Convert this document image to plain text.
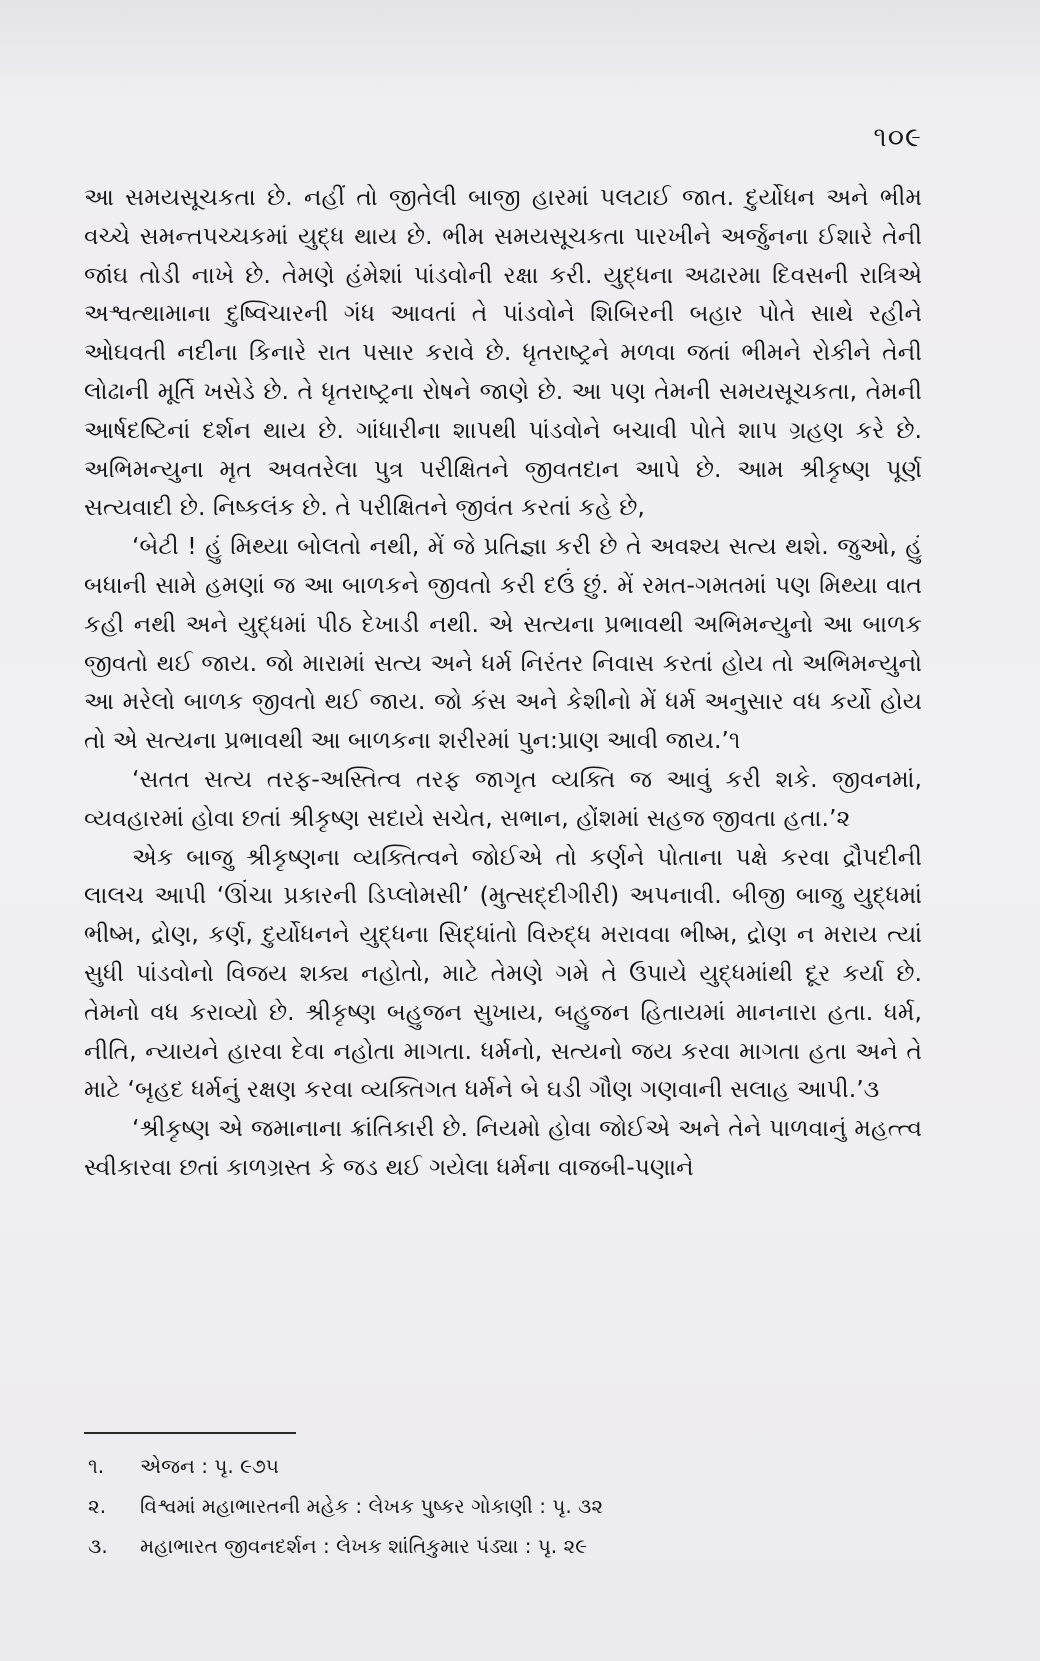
૧૦૯

આ સમયસૂચકતા છે. નહીં તો જીતેલી બાજી હારમાં પલટાઈ જાત. દુર્યોધન અને ભીમ વચ્ચે સમન્તપચ્ચકમાં યુદ્ધ થાય છે. ભીમ સમયસૂચકતા પારખીને અર્જુનના ઈશારે તેની જાંઘ તોડી નાખે છે. તેમણે હંમેશાં પાંડવોની રક્ષા કરી. યુદ્ધના અઢારમા દિવસની રાત્રિએ અશ્વત્થામાના દુષ્વિચારની ગંધ આવતાં તે પાંડવોને શિબિરની બહાર પોતે સાથે રહીને ઓઘવતી નદીના કિનારે રાત પસાર કરાવે છે. ધૃતરાષ્ટ્રને મળવા જતાં ભીમને રોકીને તેની લોઢાની મૂર્તિ ખસેડે છે. તે ધૃતરાષ્ટ્રના રોષને જાણે છે. આ પણ તેમની સમયસૂચકતા, તેમની આર્ષદષ્ટિનાં દર્શન થાય છે. ગાંધારીના શાપથી પાંડવોને બચાવી પોતે શાપ ગ્રહણ કરે છે. અભિમન્યુના મૃત અવતરેલા પુત્ર પરીક્ષિતને જીવતદાન આપે છે. આમ શ્રીકૃષ્ણ પૂર્ણ સત્યવાદી છે. નિષ્કલંક છે. તે પરીક્ષિતને જીવંત કરતાં કહે છે,

‘બેટી ! હું મિથ્યા બોલતો નથી, મેં જે પ્રતિજ્ઞા કરી છે તે અવશ્ય સત્ય થશે. જુઓ, હું બધાની સામે હમણાં જ આ બાળકને જીવતો કરી દઉં છું. મેં રમત-ગમતમાં પણ મિથ્યા વાત કહી નથી અને યુદ્ધમાં પીઠ દેખાડી નથી. એ સત્યના પ્રભાવથી અભિમન્યુનો આ બાળક જીવતો થઈ જાય. જો મારામાં સત્ય અને ધર્મ નિરંતર નિવાસ કરતાં હોય તો અભિમન્યુનો આ મરેલો બાળક જીવતો થઈ જાય. જો કંસ અને કેશીનો મેં ધર્મ અનુસાર વધ કર્યો હોય તો એ સત્યના પ્રભાવથી આ બાળકના શરીરમાં પુન:પ્રાણ આવી જાય.’૧

‘સતત સત્ય તરફ-અસ્તિત્વ તરફ જાગૃત વ્યક્તિ જ આવું કરી શકે. જીવનમાં, વ્યવહારમાં હોવા છતાં શ્રીકૃષ્ણ સદાયે સચેત, સભાન, હોંશમાં સહજ જીવતા હતા.’૨

એક બાજુ શ્રીકૃષ્ણના વ્યક્તિત્વને જોઈએ તો કર્ણને પોતાના પક્ષે કરવા દ્રૌપદીની લાલચ આપી ‘ઊંચા પ્રકારની ડિપ્લોમસી’ (મુત્સદ્દીગીરી) અપનાવી. બીજી બાજુ યુદ્ધમાં ભીષ્મ, દ્રોણ, કર્ણ, દુર્યોધનને યુદ્ધના સિદ્ધાંતો વિરુદ્ધ મરાવવા ભીષ્મ, દ્રોણ ન મરાય ત્યાં સુધી પાંડવોનો વિજય શક્ય નહોતો, માટે તેમણે ગમે તે ઉપાયે યુદ્ધમાંથી દૂર કર્યા છે. તેમનો વધ કરાવ્યો છે. શ્રીકૃષ્ણ બહુજન સુખાય, બહુજન હિતાયમાં માનનારા હતા. ધર્મ, નીતિ, ન્યાયને હારવા દેવા નહોતા માગતા. ધર્મનો, સત્યનો જય કરવા માગતા હતા અને તે માટે ‘બૃહદ ધર્મનું રક્ષણ કરવા વ્યક્તિગત ધર્મને બે ઘડી ગૌણ ગણવાની સલાહ આપી.’૩

‘શ્રીકૃષ્ણ એ જમાનાના ક્રાંતિકારી છે. નિયમો હોવા જોઈએ અને તેને પાળવાનું મહત્ત્વ સ્વીકારવા છતાં કાળગ્રસ્ત કે જડ થઈ ગયેલા ધર્મના વાજબી-પણાને

૧.	એજન : પૃ. ૯૭૫
૨.	વિશ્વમાં મહાભારતની મહેક : લેખક પુષ્કર ગોકાણી : પૃ. ૩૨
૩.	મહાભારત જીવનદર્શન : લેખક શાંતિકુમાર પંડ્યા : પૃ. ૨૯
